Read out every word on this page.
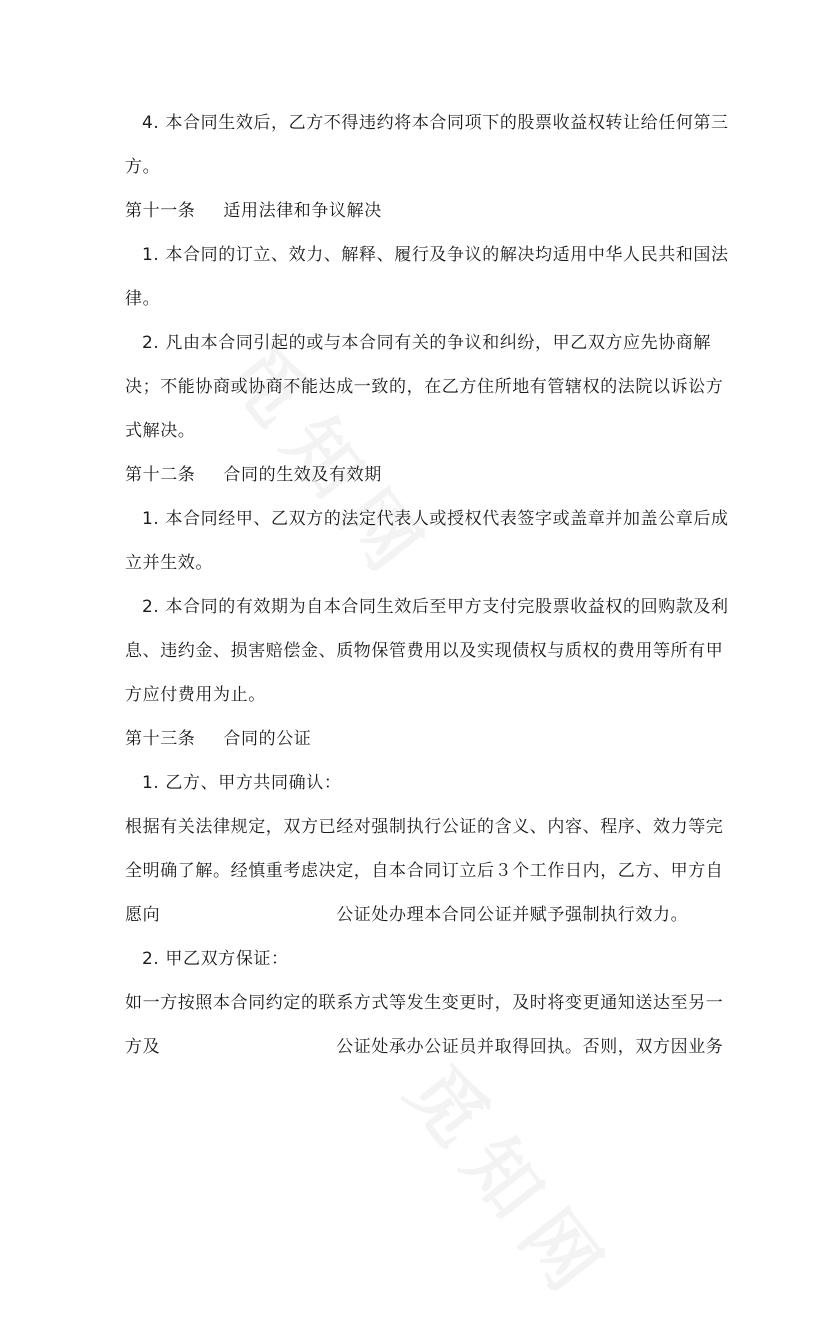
4. 本合同生效后，乙方不得违约将本合同项下的股票收益权转让给任何第三
方。
第十一条 适用法律和争议解决
1. 本合同的订立、效力、解释、履行及争议的解决均适用中华人民共和国法
律。
2. 凡由本合同引起的或与本合同有关的争议和纠纷，甲乙双方应先协商解
决；不能协商或协商不能达成一致的，在乙方住所地有管辖权的法院以诉讼方
式解决。
第十二条 合同的生效及有效期
1. 本合同经甲、乙双方的法定代表人或授权代表签字或盖章并加盖公章后成
立并生效。
2. 本合同的有效期为自本合同生效后至甲方支付完股票收益权的回购款及利
息、违约金、损害赔偿金、质物保管费用以及实现债权与质权的费用等所有甲
方应付费用为止。
第十三条 合同的公证
1. 乙方、甲方共同确认：
根据有关法律规定，双方已经对强制执行公证的含义、内容、程序、效力等完
全明确了解。经慎重考虑决定，自本合同订立后３个工作日内，乙方、甲方自
愿向	公证处办理本合同公证并赋予强制执行效力。
2. 甲乙双方保证：
如一方按照本合同约定的联系方式等发生变更时，及时将变更通知送达至另一
方及	公证处承办公证员并取得回执。否则，双方因业务
